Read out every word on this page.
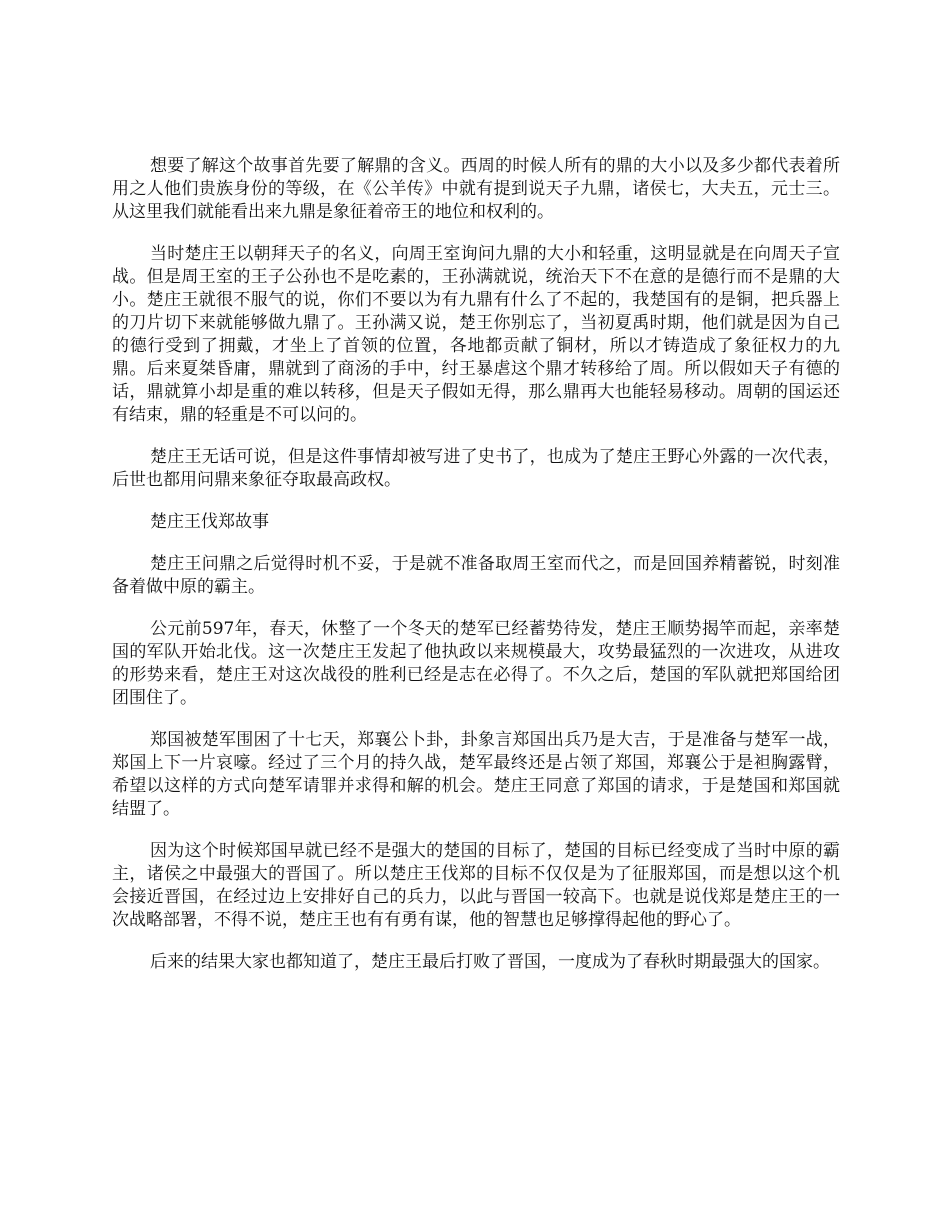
想要了解这个故事首先要了解鼎的含义。西周的时候人所有的鼎的大小以及多少都代表着所用之人他们贵族身份的等级，在《公羊传》中就有提到说天子九鼎，诸侯七，大夫五，元士三。从这里我们就能看出来九鼎是象征着帝王的地位和权利的。

当时楚庄王以朝拜天子的名义，向周王室询问九鼎的大小和轻重，这明显就是在向周天子宣战。但是周王室的王子公孙也不是吃素的，王孙满就说，统治天下不在意的是德行而不是鼎的大小。楚庄王就很不服气的说，你们不要以为有九鼎有什么了不起的，我楚国有的是铜，把兵器上的刀片切下来就能够做九鼎了。王孙满又说，楚王你别忘了，当初夏禹时期，他们就是因为自己的德行受到了拥戴，才坐上了首领的位置，各地都贡献了铜材，所以才铸造成了象征权力的九鼎。后来夏桀昏庸，鼎就到了商汤的手中，纣王暴虐这个鼎才转移给了周。所以假如天子有德的话，鼎就算小却是重的难以转移，但是天子假如无得，那么鼎再大也能轻易移动。周朝的国运还有结束，鼎的轻重是不可以问的。

楚庄王无话可说，但是这件事情却被写进了史书了，也成为了楚庄王野心外露的一次代表，后世也都用问鼎来象征夺取最高政权。

楚庄王伐郑故事

楚庄王问鼎之后觉得时机不妥，于是就不准备取周王室而代之，而是回国养精蓄锐，时刻准备着做中原的霸主。

公元前597年，春天，休整了一个冬天的楚军已经蓄势待发，楚庄王顺势揭竿而起，亲率楚国的军队开始北伐。这一次楚庄王发起了他执政以来规模最大，攻势最猛烈的一次进攻，从进攻的形势来看，楚庄王对这次战役的胜利已经是志在必得了。不久之后，楚国的军队就把郑国给团团围住了。

郑国被楚军围困了十七天，郑襄公卜卦，卦象言郑国出兵乃是大吉，于是准备与楚军一战，郑国上下一片哀嚎。经过了三个月的持久战，楚军最终还是占领了郑国，郑襄公于是袒胸露臂，希望以这样的方式向楚军请罪并求得和解的机会。楚庄王同意了郑国的请求，于是楚国和郑国就结盟了。

因为这个时候郑国早就已经不是强大的楚国的目标了，楚国的目标已经变成了当时中原的霸主，诸侯之中最强大的晋国了。所以楚庄王伐郑的目标不仅仅是为了征服郑国，而是想以这个机会接近晋国，在经过边上安排好自己的兵力，以此与晋国一较高下。也就是说伐郑是楚庄王的一次战略部署，不得不说，楚庄王也有有勇有谋，他的智慧也足够撑得起他的野心了。

后来的结果大家也都知道了，楚庄王最后打败了晋国，一度成为了春秋时期最强大的国家。
